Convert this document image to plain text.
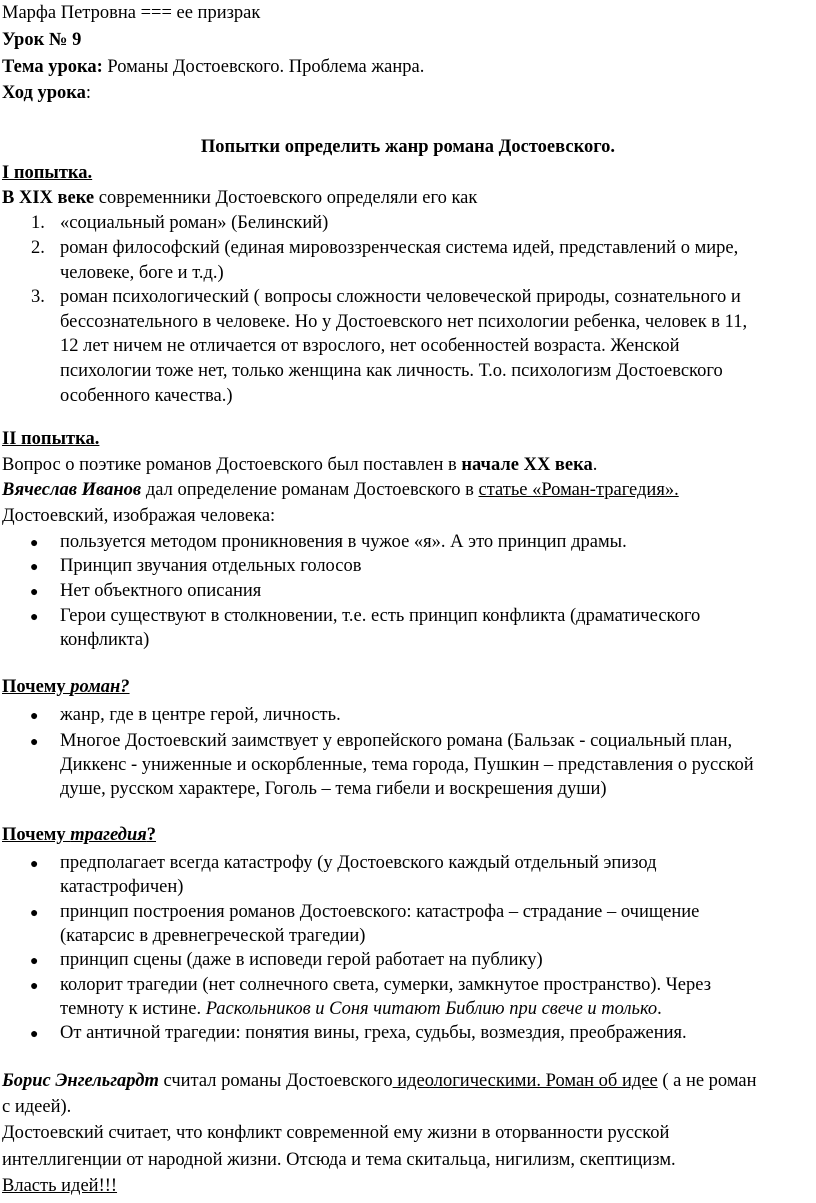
Марфа Петровна === ее призрак
Урок № 9
Тема урока: Романы Достоевского. Проблема жанра.
Ход урока:
Попытки определить жанр романа Достоевского.
I попытка.
В XIX веке современники Достоевского определяли его как
1. «социальный роман» (Белинский)
2. роман философский (единая мировоззренческая система идей, представлений о мире,
человеке, боге и т.д.)
3. роман психологический ( вопросы сложности человеческой природы, сознательного и
бессознательного в человеке. Но у Достоевского нет психологии ребенка, человек в 11,
12 лет ничем не отличается от взрослого, нет особенностей возраста. Женской
психологии тоже нет, только женщина как личность. Т.о. психологизм Достоевского
особенного качества.)
II попытка.
Вопрос о поэтике романов Достоевского был поставлен в начале XX века.
Вячеслав Иванов дал определение романам Достоевского в статье «Роман-трагедия».
Достоевский, изображая человека:
● пользуется методом проникновения в чужое «я». А это принцип драмы.
● Принцип звучания отдельных голосов
● Нет объектного описания
● Герои существуют в столкновении, т.е. есть принцип конфликта (драматического
конфликта)
Почему роман?
● жанр, где в центре герой, личность.
● Многое Достоевский заимствует у европейского романа (Бальзак - социальный план,
Диккенс - униженные и оскорбленные, тема города, Пушкин – представления о русской
душе, русском характере, Гоголь – тема гибели и воскрешения души)
Почему трагедия?
● предполагает всегда катастрофу (у Достоевского каждый отдельный эпизод
катастрофичен)
● принцип построения романов Достоевского: катастрофа – страдание – очищение
(катарсис в древнегреческой трагедии)
● принцип сцены (даже в исповеди герой работает на публику)
● колорит трагедии (нет солнечного света, сумерки, замкнутое пространство). Через
темноту к истине. Раскольников и Соня читают Библию при свече и только.
● От античной трагедии: понятия вины, греха, судьбы, возмездия, преображения.
Борис Энгельгардт считал романы Достоевского идеологическими. Роман об идее ( а не роман
с идеей).
Достоевский считает, что конфликт современной ему жизни в оторванности русской
интеллигенции от народной жизни. Отсюда и тема скитальца, нигилизм, скептицизм.
Власть идей!!!
